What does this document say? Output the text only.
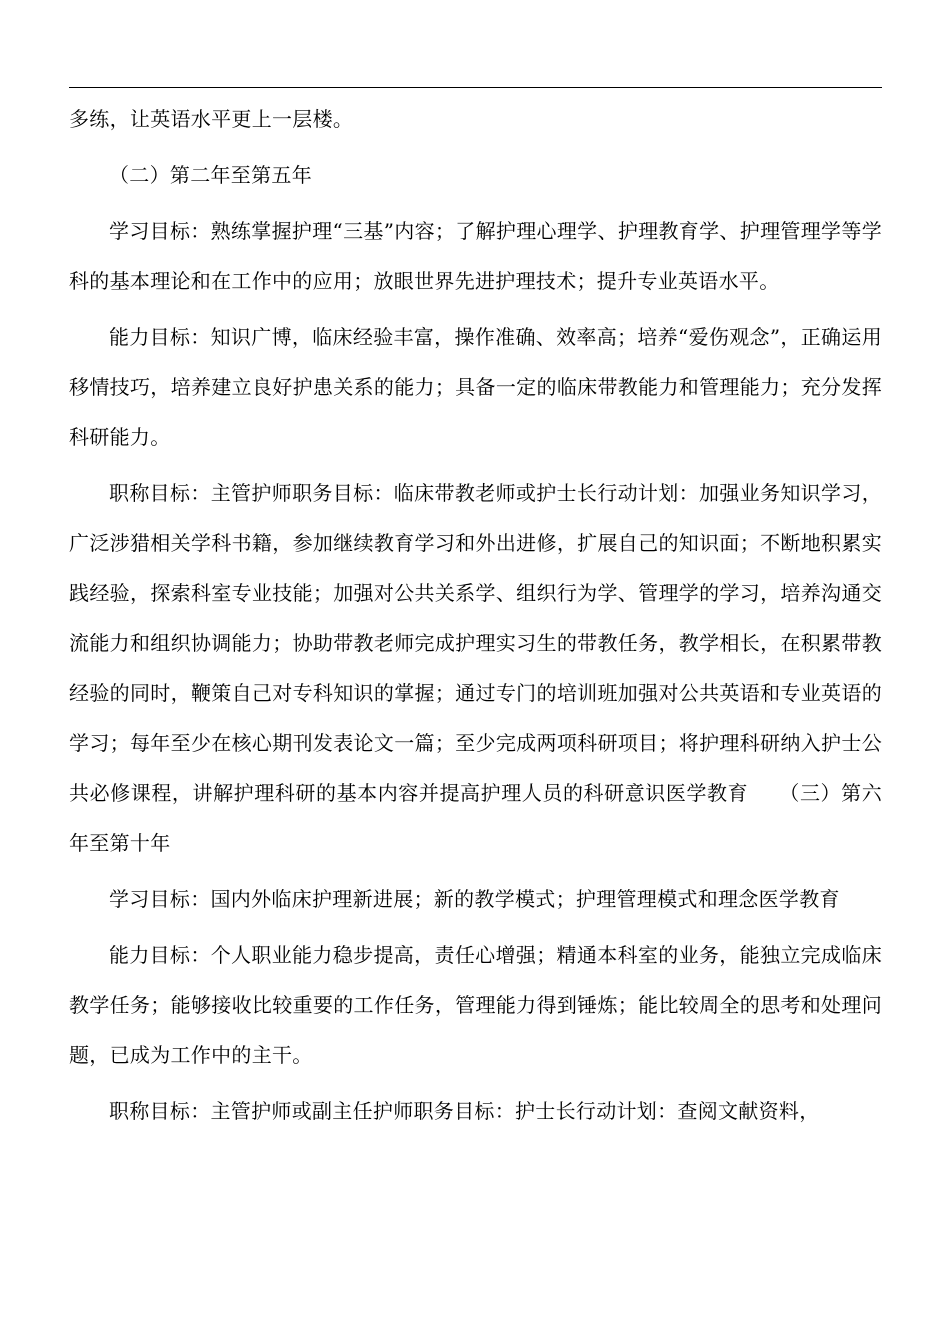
多练，让英语水平更上一层楼。

（二）第二年至第五年

学习目标：熟练掌握护理“三基”内容；了解护理心理学、护理教育学、护理管理学等学科的基本理论和在工作中的应用；放眼世界先进护理技术；提升专业英语水平。

能力目标：知识广博，临床经验丰富，操作准确、效率高；培养“爱伤观念”，正确运用移情技巧，培养建立良好护患关系的能力；具备一定的临床带教能力和管理能力；充分发挥科研能力。

职称目标：主管护师职务目标：临床带教老师或护士长行动计划：加强业务知识学习，广泛涉猎相关学科书籍，参加继续教育学习和外出进修，扩展自己的知识面；不断地积累实践经验，探索科室专业技能；加强对公共关系学、组织行为学、管理学的学习，培养沟通交流能力和组织协调能力；协助带教老师完成护理实习生的带教任务，教学相长，在积累带教经验的同时，鞭策自己对专科知识的掌握；通过专门的培训班加强对公共英语和专业英语的学习；每年至少在核心期刊发表论文一篇；至少完成两项科研项目；将护理科研纳入护士公共必修课程，讲解护理科研的基本内容并提高护理人员的科研意识医学教育　　（三）第六年至第十年

学习目标：国内外临床护理新进展；新的教学模式；护理管理模式和理念医学教育

能力目标：个人职业能力稳步提高，责任心增强；精通本科室的业务，能独立完成临床教学任务；能够接收比较重要的工作任务，管理能力得到锤炼；能比较周全的思考和处理问题，已成为工作中的主干。

职称目标：主管护师或副主任护师职务目标：护士长行动计划：查阅文献资料，
